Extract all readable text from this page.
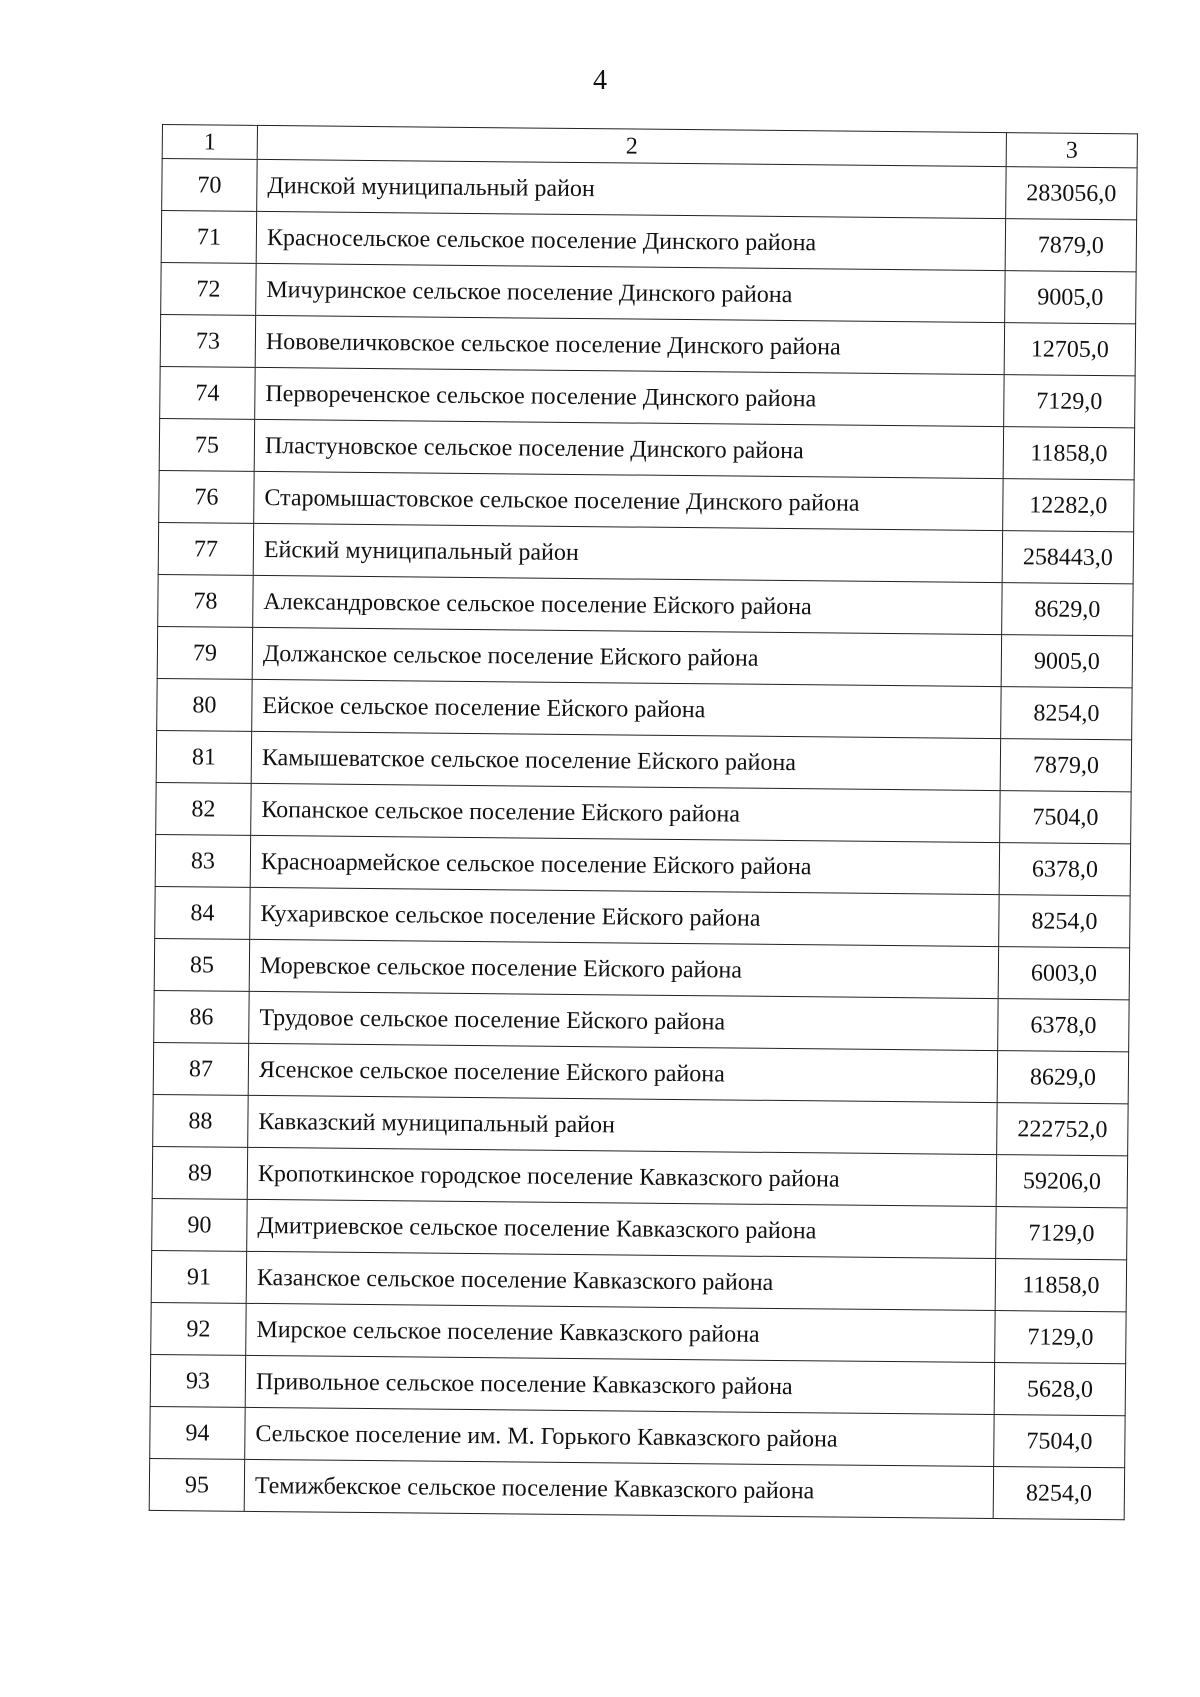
4
1	2	3
70	Динской муниципальный район	283056,0
71	Красносельское сельское поселение Динского района	7879,0
72	Мичуринское сельское поселение Динского района	9005,0
73	Нововеличковское сельское поселение Динского района	12705,0
74	Первореченское сельское поселение Динского района	7129,0
75	Пластуновское сельское поселение Динского района	11858,0
76	Старомышастовское сельское поселение Динского района	12282,0
77	Ейский муниципальный район	258443,0
78	Александровское сельское поселение Ейского района	8629,0
79	Должанское сельское поселение Ейского района	9005,0
80	Ейское сельское поселение Ейского района	8254,0
81	Камышеватское сельское поселение Ейского района	7879,0
82	Копанское сельское поселение Ейского района	7504,0
83	Красноармейское сельское поселение Ейского района	6378,0
84	Кухаривское сельское поселение Ейского района	8254,0
85	Моревское сельское поселение Ейского района	6003,0
86	Трудовое сельское поселение Ейского района	6378,0
87	Ясенское сельское поселение Ейского района	8629,0
88	Кавказский муниципальный район	222752,0
89	Кропоткинское городское поселение Кавказского района	59206,0
90	Дмитриевское сельское поселение Кавказского района	7129,0
91	Казанское сельское поселение Кавказского района	11858,0
92	Мирское сельское поселение Кавказского района	7129,0
93	Привольное сельское поселение Кавказского района	5628,0
94	Сельское поселение им. М. Горького Кавказского района	7504,0
95	Темижбекское сельское поселение Кавказского района	8254,0
